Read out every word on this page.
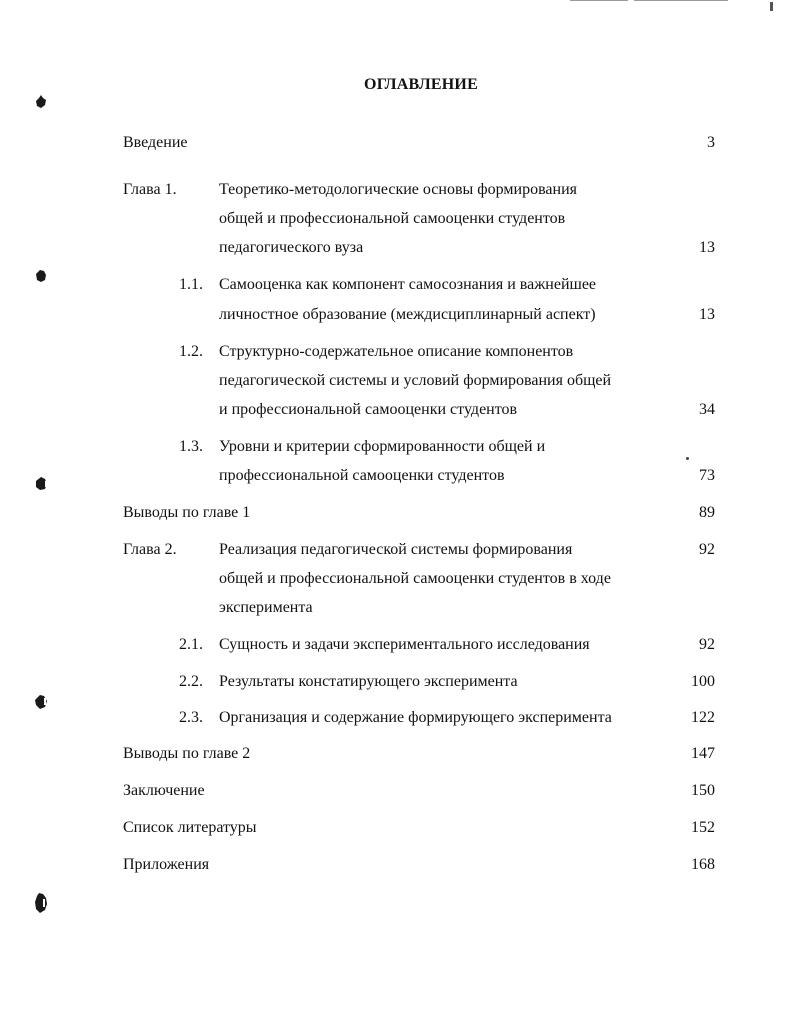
ОГЛАВЛЕНИЕ
Введение	3
Глава 1.	Теоретико-методологические основы формирования
общей и профессиональной самооценки студентов
педагогического вуза	13
1.1. Самооценка как компонент самосознания и важнейшее
личностное образование (междисциплинарный аспект)	13
1.2. Структурно-содержательное описание компонентов
педагогической системы и условий формирования общей
и профессиональной самооценки студентов	34
1.3. Уровни и критерии сформированности общей и
профессиональной самооценки студентов	73
Выводы по главе 1	89
Глава 2.	Реализация педагогической системы формирования	92
общей и профессиональной самооценки студентов в ходе
эксперимента
2.1. Сущность и задачи экспериментального исследования	92
2.2. Результаты констатирующего эксперимента	100
2.3. Организация и содержание формирующего эксперимента	122
Выводы по главе 2	147
Заключение	150
Список литературы	152
Приложения	168
